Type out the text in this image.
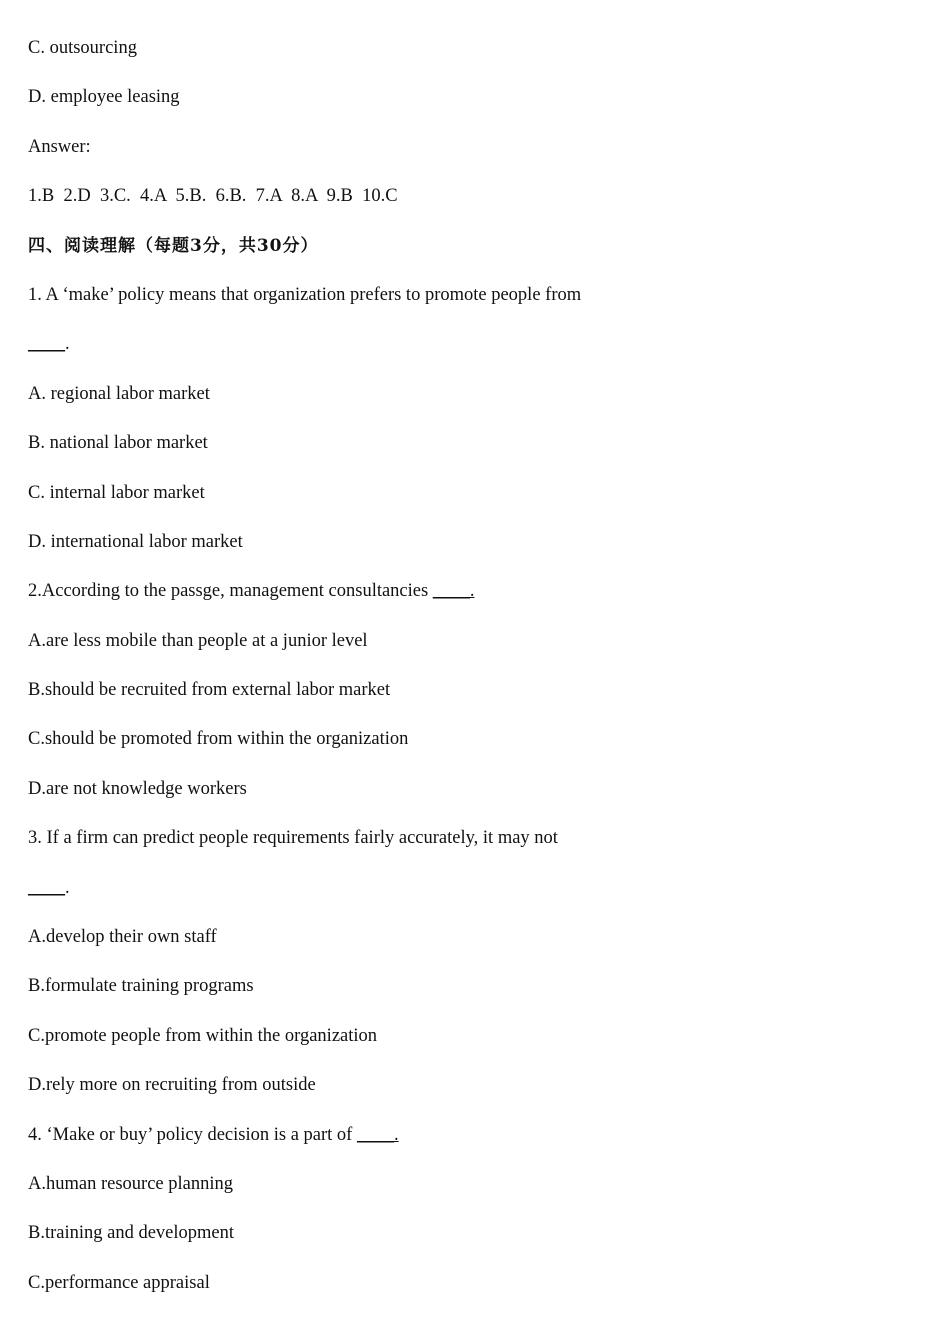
C. outsourcing
D. employee leasing
Answer:
1.B  2.D  3.C.  4.A  5.B.  6.B.  7.A  8.A  9.B  10.C
四、阅读理解（每题3分，共30分）
1. A ‘make’ policy means that organization prefers to promote people from
____.
A. regional labor market
B. national labor market
C. internal labor market
D. international labor market
2.According to the passge, management consultancies ____.
A.are less mobile than people at a junior level
B.should be recruited from external labor market
C.should be promoted from within the organization
D.are not knowledge workers
3. If a firm can predict people requirements fairly accurately, it may not
____.
A.develop their own staff
B.formulate training programs
C.promote people from within the organization
D.rely more on recruiting from outside
4. ‘Make or buy’ policy decision is a part of ____.
A.human resource planning
B.training and development
C.performance appraisal
